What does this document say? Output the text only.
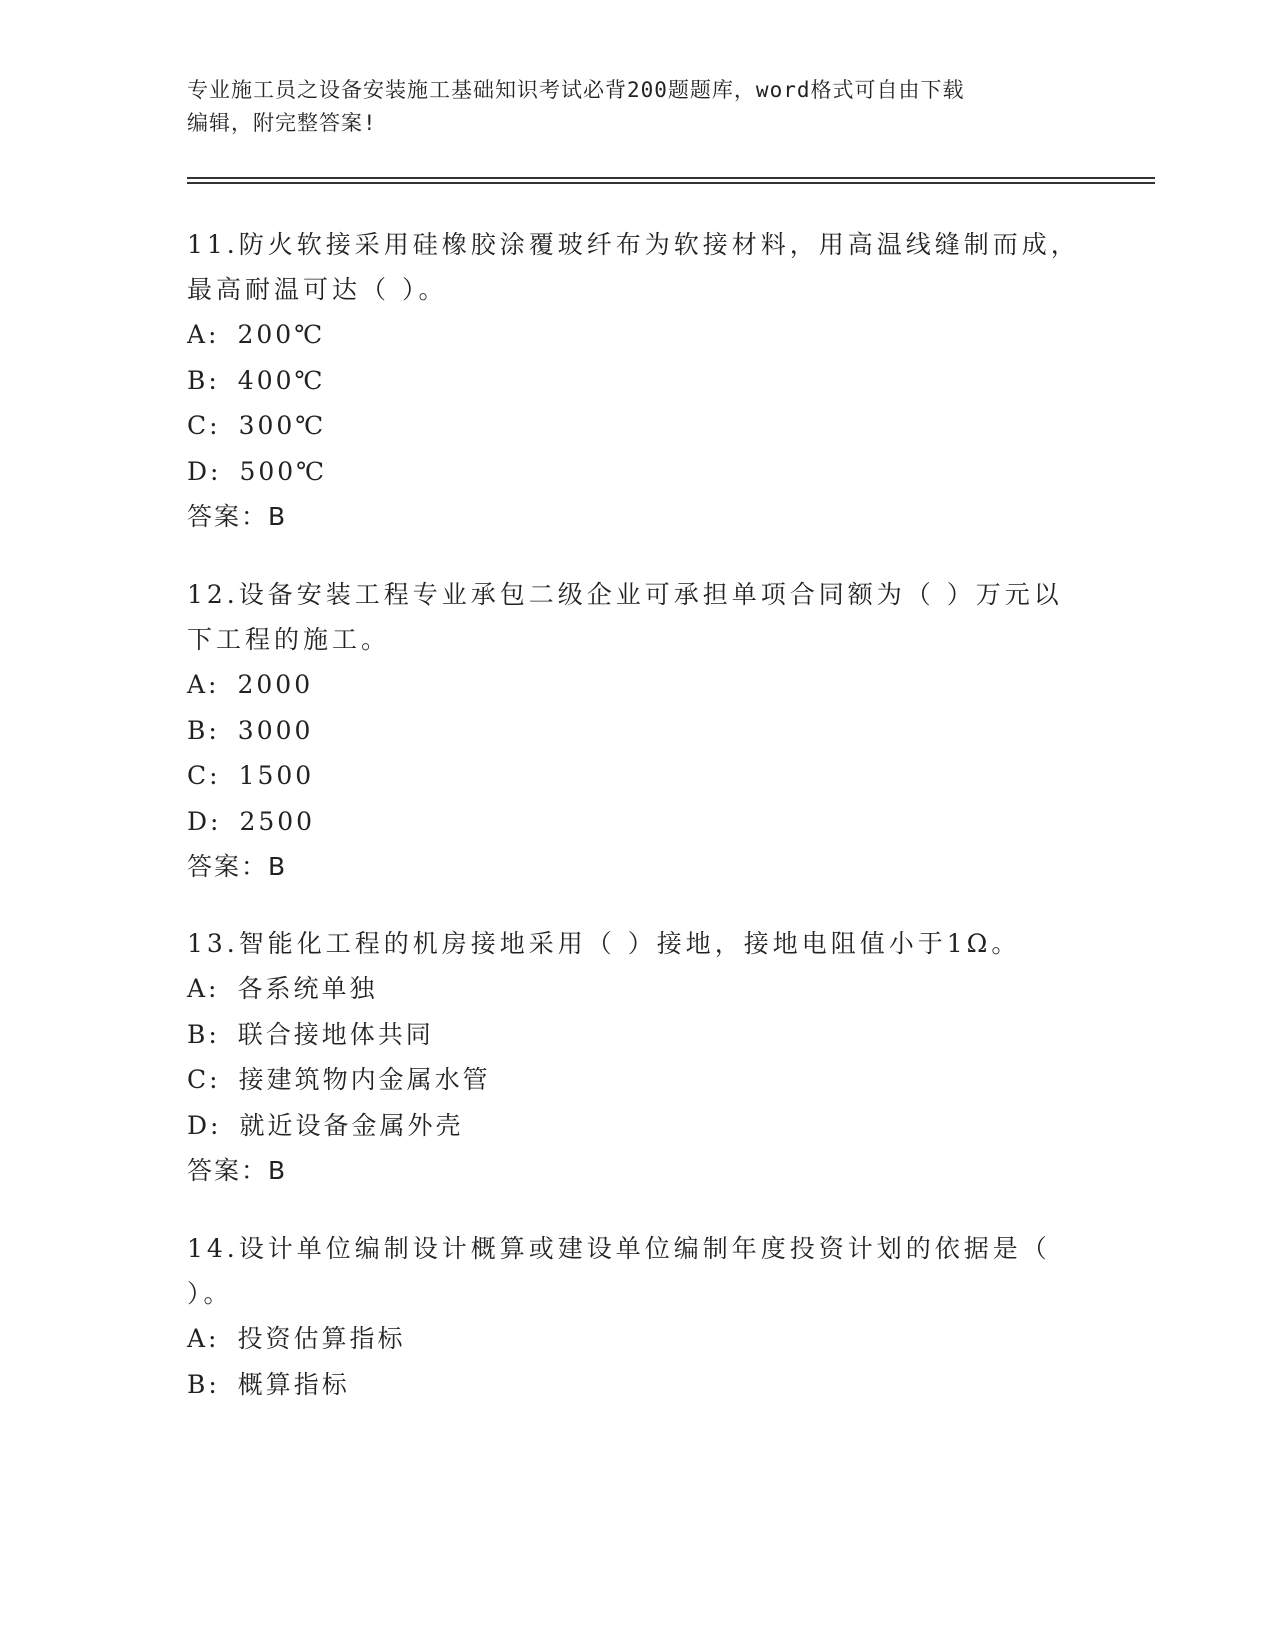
专业施工员之设备安装施工基础知识考试必背200题题库，word格式可自由下载
编辑，附完整答案!

11.防火软接采用硅橡胶涂覆玻纤布为软接材料，用高温线缝制而成，

最高耐温可达（ ）。

A: 200℃

B: 400℃

C: 300℃

D: 500℃

答案：B

12.设备安装工程专业承包二级企业可承担单项合同额为（ ）万元以

下工程的施工。

A: 2000

B: 3000

C: 1500

D: 2500

答案：B

13.智能化工程的机房接地采用（ ）接地，接地电阻值小于1Ω。

A: 各系统单独

B: 联合接地体共同

C: 接建筑物内金属水管

D: 就近设备金属外壳

答案：B

14.设计单位编制设计概算或建设单位编制年度投资计划的依据是（

）。

A: 投资估算指标

B: 概算指标
